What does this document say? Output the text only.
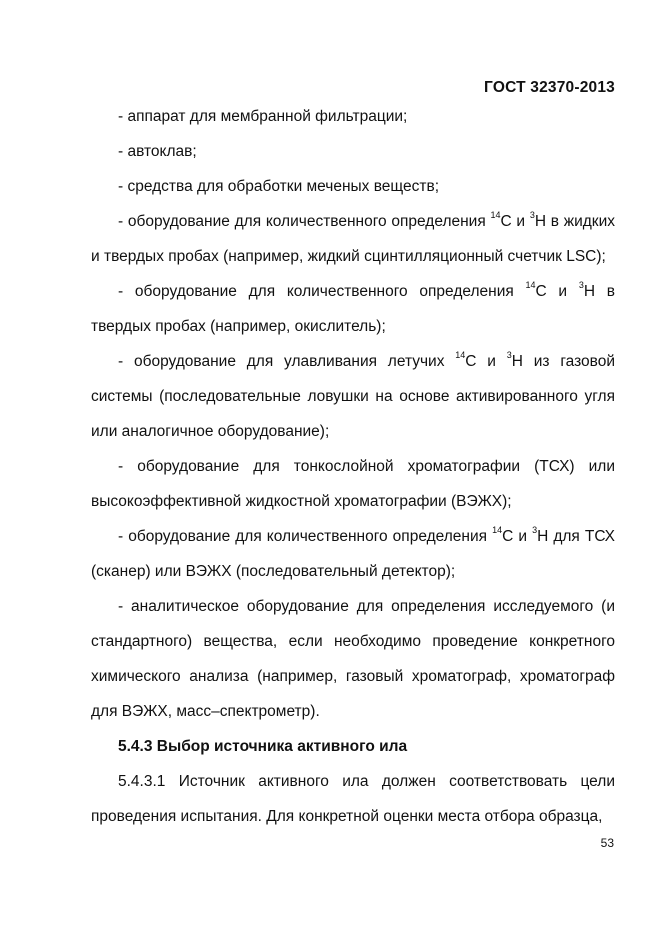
ГОСТ 32370-2013

- аппарат для мембранной фильтрации;

- автоклав;

- средства для обработки меченых веществ;

- оборудование для количественного определения $^{14}$С и $^3$Н в жидких и твердых пробах (например, жидкий сцинтилляционный счетчик LSC);

- оборудование для количественного определения $^{14}$С и $^3$Н в твердых пробах (например, окислитель);

- оборудование для улавливания летучих $^{14}$С и $^3$Н из газовой системы (последовательные ловушки на основе активированного угля или аналогичное оборудование);

- оборудование для тонкослойной хроматографии (ТСХ) или высокоэффективной жидкостной хроматографии (ВЭЖХ);

- оборудование для количественного определения $^{14}$С и $^3$Н для ТСХ (сканер) или ВЭЖХ (последовательный детектор);

- аналитическое оборудование для определения исследуемого (и стандартного) вещества, если необходимо проведение конкретного химического анализа (например, газовый хроматограф, хроматограф для ВЭЖХ, масс–спектрометр).

5.4.3 Выбор источника активного ила

5.4.3.1 Источник активного ила должен соответствовать цели проведения испытания. Для конкретной оценки места отбора образца,

53
